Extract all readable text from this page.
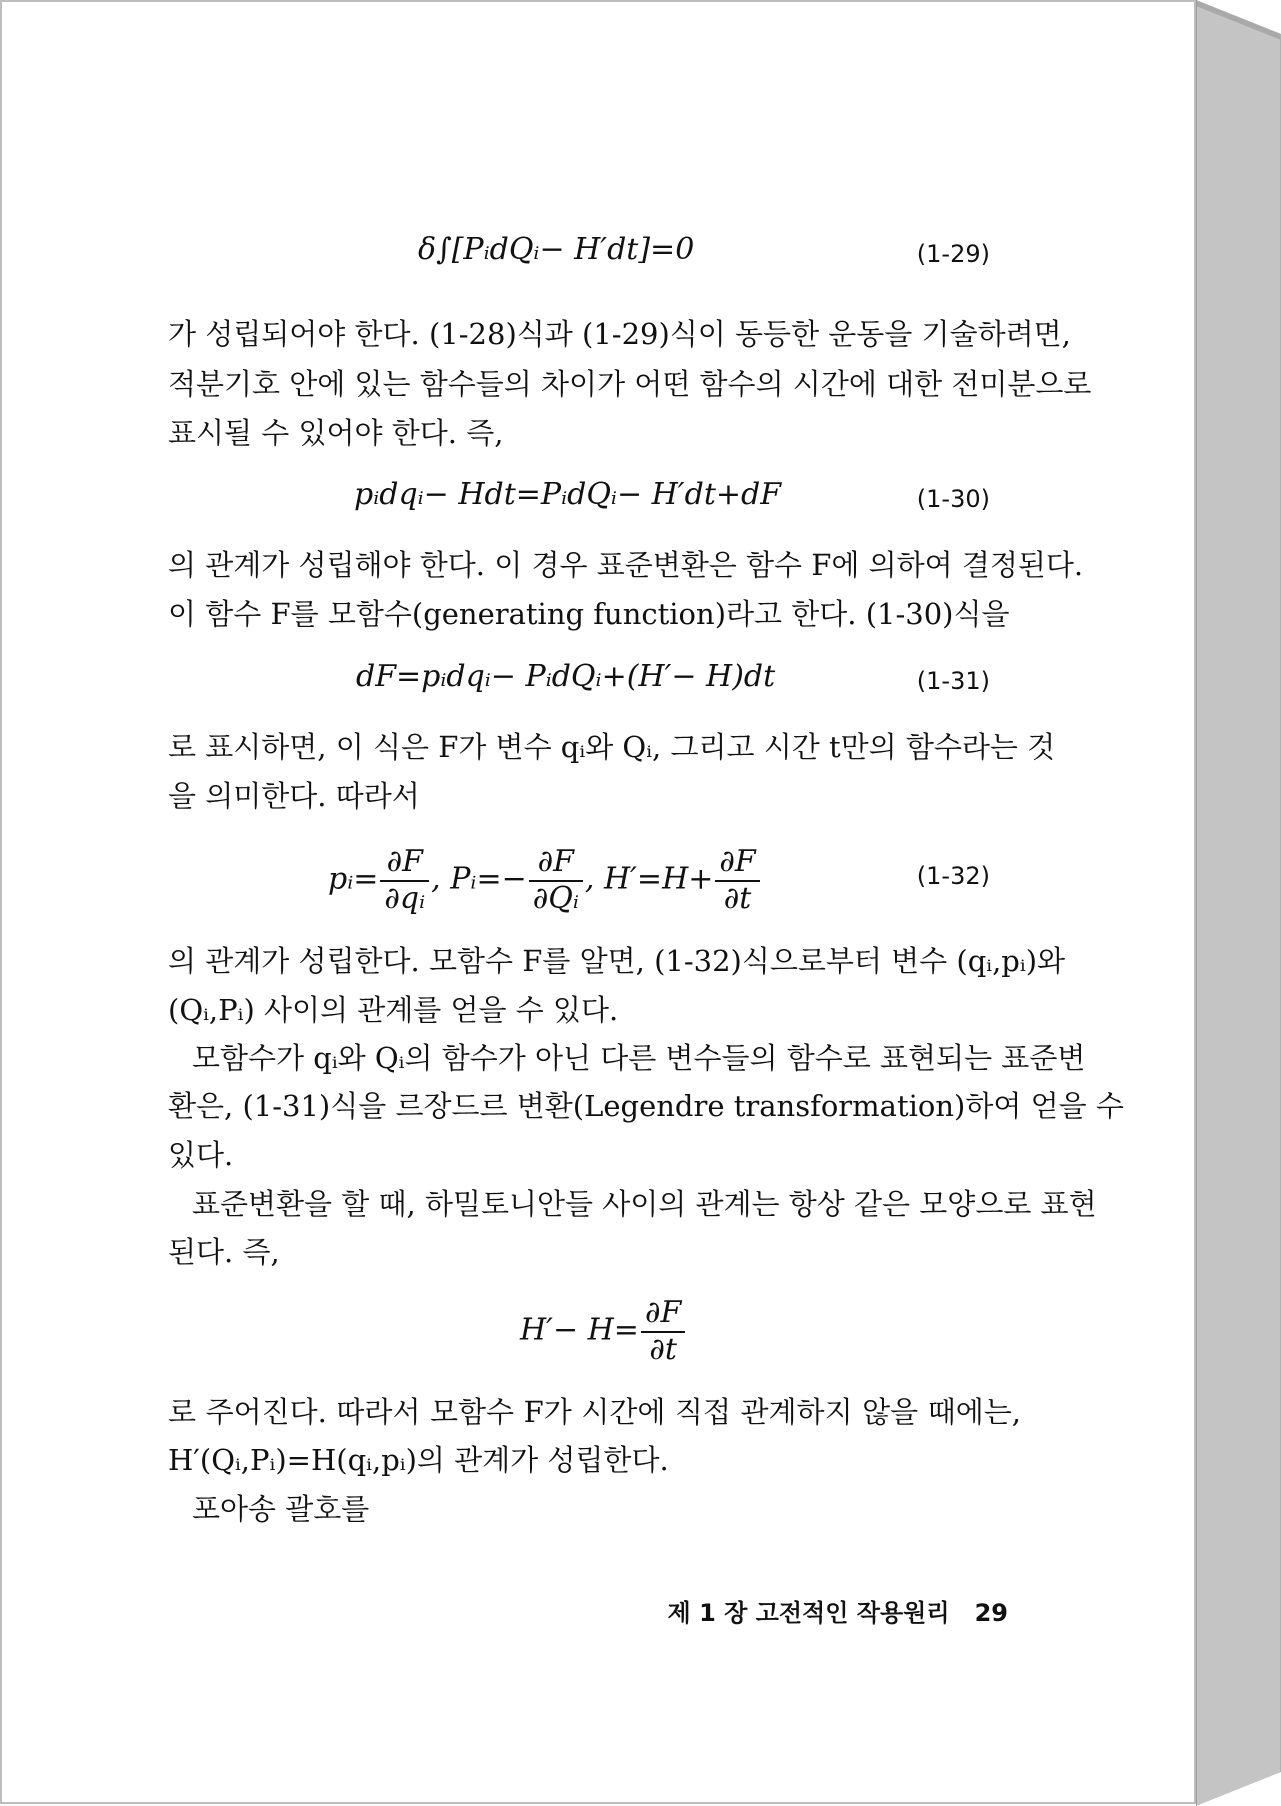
δ∫[PᵢdQᵢ− H′dt]=0	(1-29)
가 성립되어야 한다. (1-28)식과 (1-29)식이 동등한 운동을 기술하려면,
적분기호 안에 있는 함수들의 차이가 어떤 함수의 시간에 대한 전미분으로
표시될 수 있어야 한다. 즉,
pᵢdqᵢ− Hdt=PᵢdQᵢ− H′dt+dF	(1-30)
의 관계가 성립해야 한다. 이 경우 표준변환은 함수 F에 의하여 결정된다.
이 함수 F를 모함수(generating function)라고 한다. (1-30)식을
dF=pᵢdqᵢ− PᵢdQᵢ+(H′− H)dt	(1-31)
로 표시하면, 이 식은 F가 변수 qᵢ와 Qᵢ, 그리고 시간 t만의 함수라는 것
을 의미한다. 따라서
pᵢ= $\frac{\partial F}{\text{∂qᵢ}}$ , Pᵢ=− $\frac{\partial F}{\text{∂Qᵢ}}$ , $H'=H+ \frac{\partial F}{\partial t}$	(1-32)
의 관계가 성립한다. 모함수 F를 알면, (1-32)식으로부터 변수 (qᵢ,pᵢ)와
(Qᵢ,Pᵢ) 사이의 관계를 얻을 수 있다.
모함수가 qᵢ와 Qᵢ의 함수가 아닌 다른 변수들의 함수로 표현되는 표준변
환은, (1-31)식을 르장드르 변환(Legendre transformation)하여 얻을 수
있다.
표준변환을 할 때, 하밀토니안들 사이의 관계는 항상 같은 모양으로 표현
된다. 즉,
$H'- H= \frac{\partial F}{\partial t}$
로 주어진다. 따라서 모함수 F가 시간에 직접 관계하지 않을 때에는,
H′(Qᵢ,Pᵢ)=H(qᵢ,pᵢ)의 관계가 성립한다.
포아송 괄호를
제 1 장 고전적인 작용원리 29
